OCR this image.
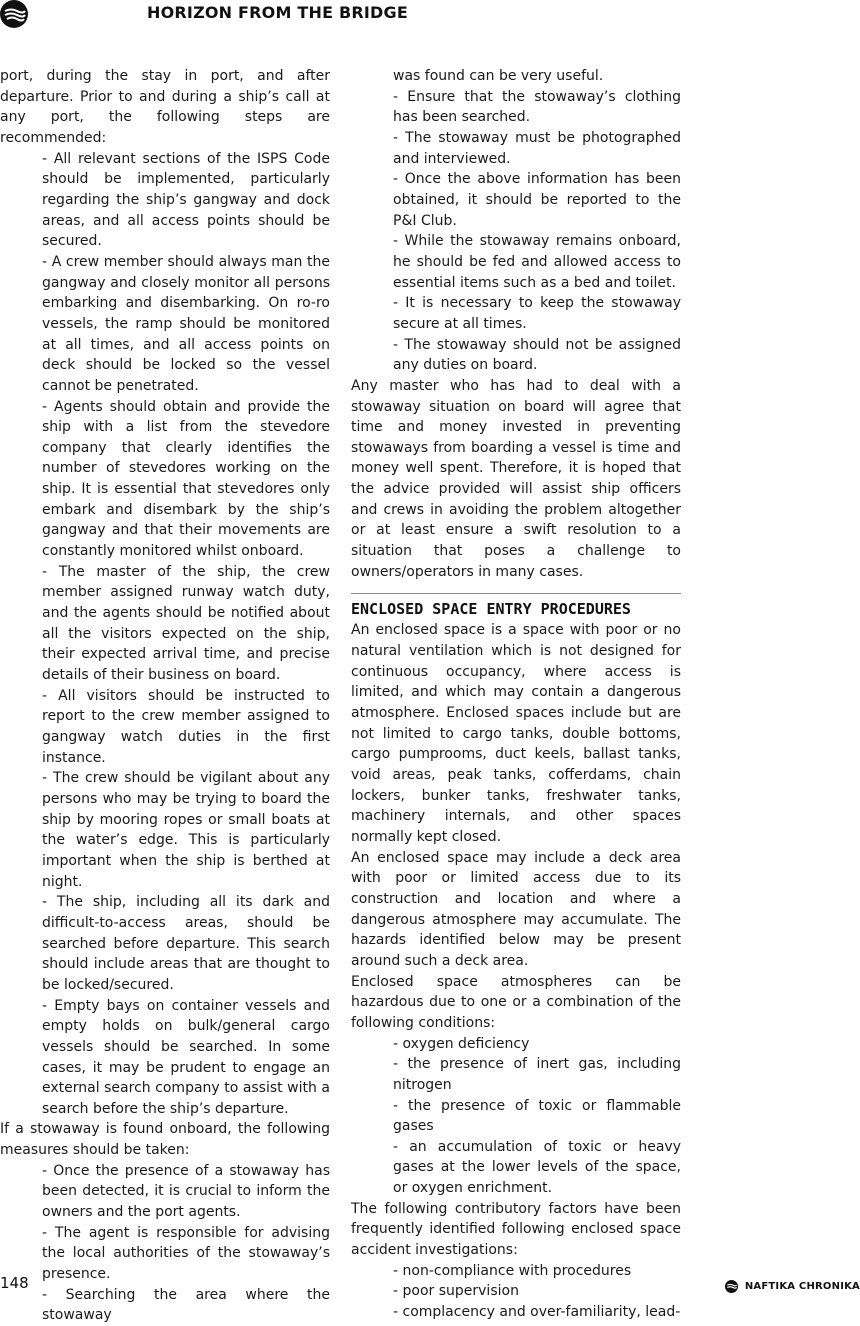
HORIZON FROM THE BRIDGE

port, during the stay in port, and after departure. Prior to and during a ship’s call at any port, the following steps are recommended:

- All relevant sections of the ISPS Code should be implemented, particularly regarding the ship’s gangway and dock areas, and all access points should be secured.

- A crew member should always man the gangway and closely monitor all persons embarking and disembarking. On ro-ro vessels, the ramp should be monitored at all times, and all access points on deck should be locked so the vessel cannot be penetrated.

- Agents should obtain and provide the ship with a list from the stevedore company that clearly identifies the number of stevedores working on the ship. It is essential that stevedores only embark and disembark by the ship’s gangway and that their movements are constantly monitored whilst onboard.

- The master of the ship, the crew member assigned runway watch duty, and the agents should be notified about all the visitors expected on the ship, their expected arrival time, and precise details of their business on board.

- All visitors should be instructed to report to the crew member assigned to gangway watch duties in the first instance.

- The crew should be vigilant about any persons who may be trying to board the ship by mooring ropes or small boats at the water’s edge. This is particularly important when the ship is berthed at night.

- The ship, including all its dark and difficult-to-access areas, should be searched before departure. This search should include areas that are thought to be locked/secured.

- Empty bays on container vessels and empty holds on bulk/general cargo vessels should be searched. In some cases, it may be prudent to engage an external search company to assist with a search before the ship’s departure.

If a stowaway is found onboard, the following measures should be taken:

- Once the presence of a stowaway has been detected, it is crucial to inform the owners and the port agents.

- The agent is responsible for advising the local authorities of the stowaway’s presence.

- Searching the area where the stowaway

was found can be very useful.

- Ensure that the stowaway’s clothing has been searched.

- The stowaway must be photographed and interviewed.

- Once the above information has been obtained, it should be reported to the P&I Club.

- While the stowaway remains onboard, he should be fed and allowed access to essential items such as a bed and toilet.

- It is necessary to keep the stowaway secure at all times.

- The stowaway should not be assigned any duties on board.

Any master who has had to deal with a stowaway situation on board will agree that time and money invested in preventing stowaways from boarding a vessel is time and money well spent. Therefore, it is hoped that the advice provided will assist ship officers and crews in avoiding the problem altogether or at least ensure a swift resolution to a situation that poses a challenge to owners/operators in many cases.

ENCLOSED SPACE ENTRY PROCEDURES

An enclosed space is a space with poor or no natural ventilation which is not designed for continuous occupancy, where access is limited, and which may contain a dangerous atmosphere. Enclosed spaces include but are not limited to cargo tanks, double bottoms, cargo pumprooms, duct keels, ballast tanks, void areas, peak tanks, cofferdams, chain lockers, bunker tanks, freshwater tanks, machinery internals, and other spaces normally kept closed.

An enclosed space may include a deck area with poor or limited access due to its construction and location and where a dangerous atmosphere may accumulate. The hazards identified below may be present around such a deck area.

Enclosed space atmospheres can be hazardous due to one or a combination of the following conditions:

- oxygen deficiency

- the presence of inert gas, including nitrogen

- the presence of toxic or flammable gases

- an accumulation of toxic or heavy gases at the lower levels of the space, or oxygen enrichment.

The following contributory factors have been frequently identified following enclosed space accident investigations:

- non-compliance with procedures

- poor supervision

- complacency and over-familiarity, lead-

148	NAFTIKA CHRONIKA
